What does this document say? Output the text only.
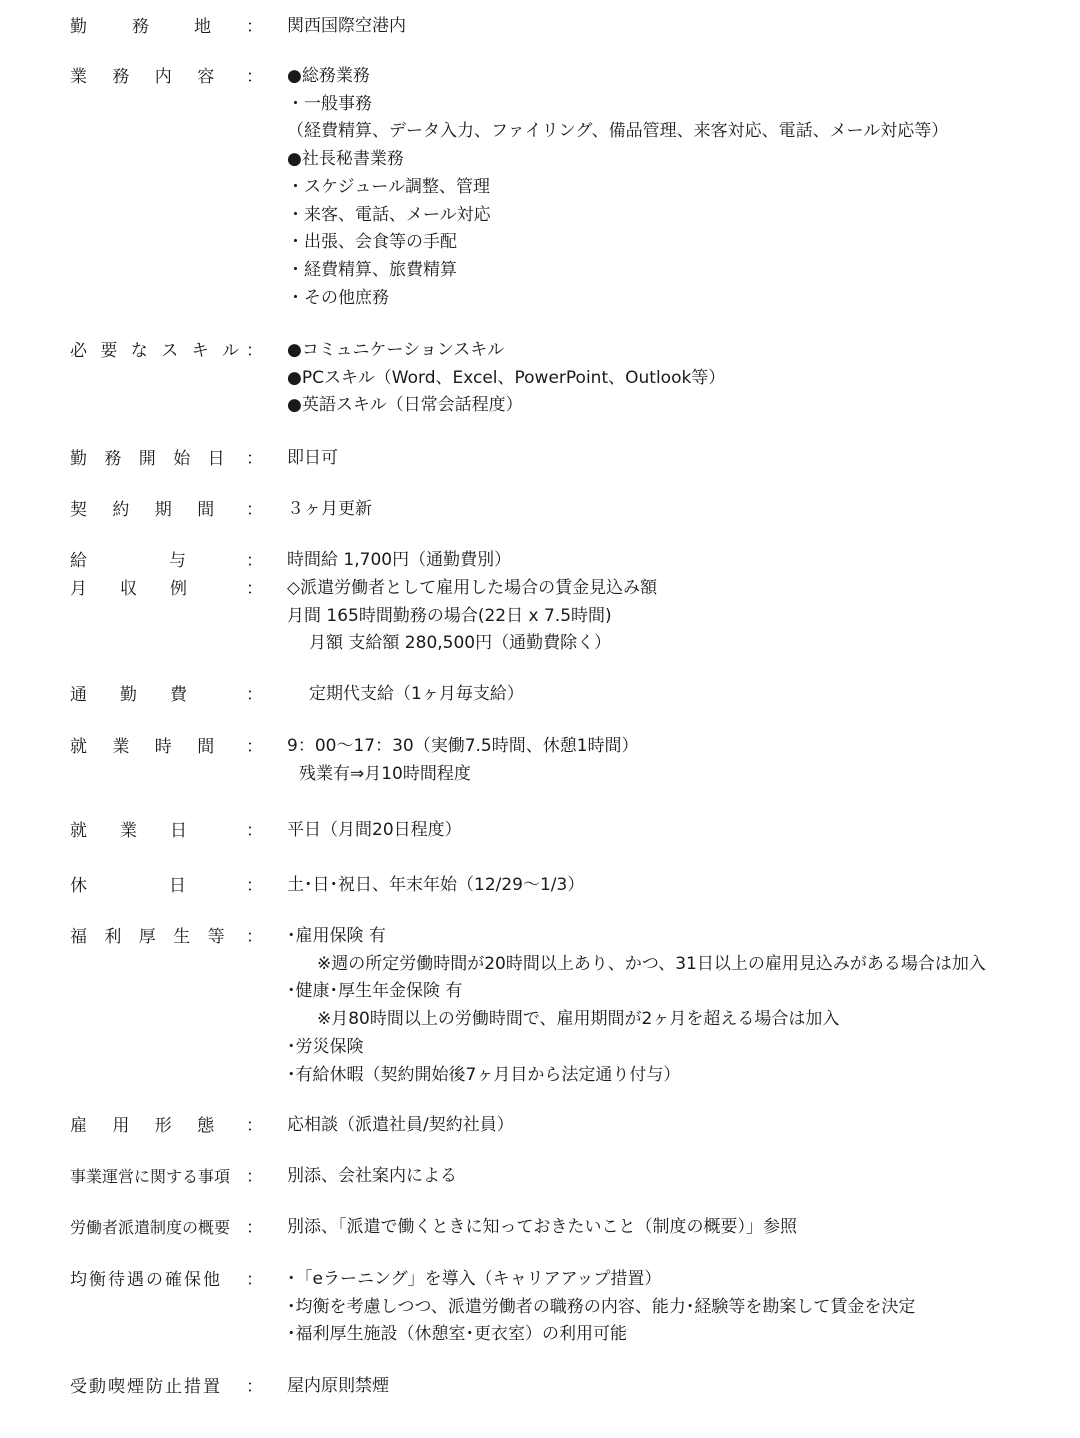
勤　務　地 ： 関西国際空港内
業 務 内 容	： ●総務業務
・一般事務
（経費精算、データ入力、ファイリング、備品管理、来客対応、電話、メール対応等）
●社長秘書業務
・スケジュール調整、管理
・来客、電話、メール対応
・出張、会食等の手配
・経費精算、旅費精算
・その他庶務
必 要 な ス キ ル ： ●コミュニケーションスキル
●PCスキル（Word、Excel、PowerPoint、Outlook等）
●英語スキル（日常会話程度）
勤 務 開 始 日 ： 即日可
契 約 期 間	： ３ヶ月更新
給　　与	： 時間給 1,700円（通勤費別）
月　収　例	： ◇派遣労働者として雇用した場合の賃金見込み額
月間 165時間勤務の場合(22日 x 7.5時間)
月額 支給額 280,500円（通勤費除く）
通　勤　費	：	定期代支給（1ヶ月毎支給）
就 業 時 間	： 9：00〜17：30（実働7.5時間、休憩1時間）
残業有⇒月10時間程度
就　業　日	： 平日（月間20日程度）
休　　日	： 土･日･祝日、年末年始（12/29〜1/3）
福 利 厚 生 等 ： ･雇用保険 有
※週の所定労働時間が20時間以上あり、かつ、31日以上の雇用見込みがある場合は加入
･健康･厚生年金保険 有
※月80時間以上の労働時間で、雇用期間が2ヶ月を超える場合は加入
･労災保険
･有給休暇（契約開始後7ヶ月目から法定通り付与）
雇 用 形 態	： 応相談（派遣社員/契約社員）
事業運営に関する事項 ： 別添、会社案内による
労働者派遣制度の概要 ： 別添、「派遣で働くときに知っておきたいこと（制度の概要）」参照
均衡待遇の確保他	： ･「eラーニング」を導入（キャリアアップ措置）
･均衡を考慮しつつ、派遣労働者の職務の内容、能力･経験等を勘案して賃金を決定
･福利厚生施設（休憩室･更衣室）の利用可能
受動喫煙防止措置	： 屋内原則禁煙
